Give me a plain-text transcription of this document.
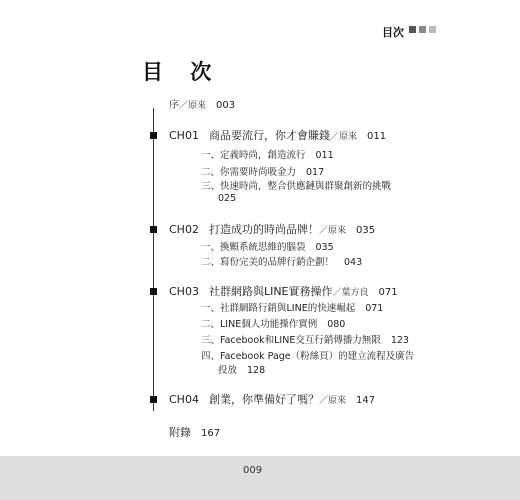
目次
目 次
序／原來 003
CH01 商品要流行，你才會賺錢／原來 011
一、定義時尚，創造流行 011
二、你需要時尚吸金力 017
三、快速時尚，整合供應鏈與群聚創新的挑戰
025
CH02 打造成功的時尚品牌！／原來 035
一、換顆系統思維的腦袋 035
二、寫份完美的品牌行銷企劃！ 043
CH03 社群網路與LINE實務操作／葉方良 071
一、社群網路行銷與LINE的快速崛起 071
二、LINE個人功能操作實例 080
三、Facebook和LINE交互行銷傳播力無限 123
四、Facebook Page（粉絲頁）的建立流程及廣告
投放 128
CH04 創業，你準備好了嗎？／原來 147
附錄 167
009
